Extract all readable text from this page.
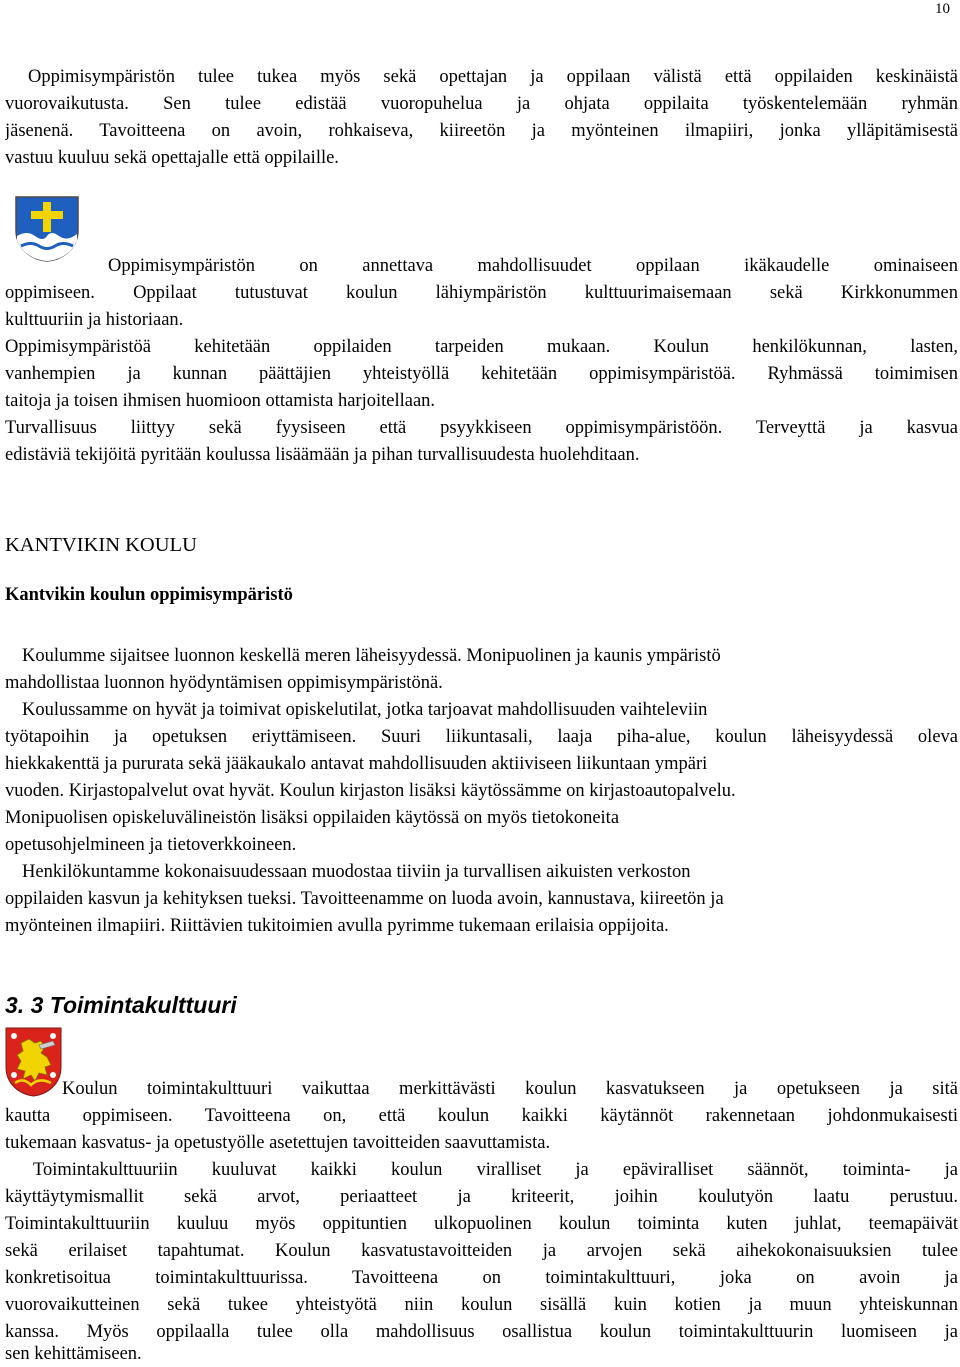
10

Oppimisympäristön tulee tukea myös sekä opettajan ja oppilaan välistä että oppilaiden keskinäistä

vuorovaikutusta. Sen tulee edistää vuoropuhelua ja ohjata oppilaita työskentelemään ryhmän

jäsenenä. Tavoitteena on avoin, rohkaiseva, kiireetön ja myönteinen ilmapiiri, jonka ylläpitämisestä

vastuu kuuluu sekä opettajalle että oppilaille.

Oppimisympäristön on annettava mahdollisuudet oppilaan ikäkaudelle ominaiseen

oppimiseen. Oppilaat tutustuvat koulun lähiympäristön kulttuurimaisemaan sekä Kirkkonummen

kulttuuriin ja historiaan.

Oppimisympäristöä kehitetään oppilaiden tarpeiden mukaan. Koulun henkilökunnan, lasten,

vanhempien ja kunnan päättäjien yhteistyöllä kehitetään oppimisympäristöä. Ryhmässä toimimisen

taitoja ja toisen ihmisen huomioon ottamista harjoitellaan.

Turvallisuus liittyy sekä fyysiseen että psyykkiseen oppimisympäristöön. Terveyttä ja kasvua

edistäviä tekijöitä pyritään koulussa lisäämään ja pihan turvallisuudesta huolehditaan.

KANTVIKIN KOULU
Kantvikin koulun oppimisympäristö

Koulumme sijaitsee luonnon keskellä meren läheisyydessä. Monipuolinen ja kaunis ympäristö

mahdollistaa luonnon hyödyntämisen oppimisympäristönä.

Koulussamme on hyvät ja toimivat opiskelutilat, jotka tarjoavat mahdollisuuden vaihteleviin

työtapoihin ja opetuksen eriyttämiseen. Suuri liikuntasali, laaja piha-alue, koulun läheisyydessä oleva

hiekkakenttä ja pururata sekä jääkaukalo antavat mahdollisuuden aktiiviseen liikuntaan ympäri

vuoden. Kirjastopalvelut ovat hyvät. Koulun kirjaston lisäksi käytössämme on kirjastoautopalvelu.

Monipuolisen opiskeluvälineistön lisäksi oppilaiden käytössä on myös tietokoneita

opetusohjelmineen ja tietoverkkoineen.

Henkilökuntamme kokonaisuudessaan muodostaa tiiviin ja turvallisen aikuisten verkoston

oppilaiden kasvun ja kehityksen tueksi. Tavoitteenamme on luoda avoin, kannustava, kiireetön ja

myönteinen ilmapiiri. Riittävien tukitoimien avulla pyrimme tukemaan erilaisia oppijoita.

3. 3 Toimintakulttuuri

Koulun toimintakulttuuri vaikuttaa merkittävästi koulun kasvatukseen ja opetukseen ja sitä

kautta oppimiseen. Tavoitteena on, että koulun kaikki käytännöt rakennetaan johdonmukaisesti

tukemaan kasvatus- ja opetustyölle asetettujen tavoitteiden saavuttamista.

Toimintakulttuuriin kuuluvat kaikki koulun viralliset ja epäviralliset säännöt, toiminta- ja

käyttäytymismallit sekä arvot, periaatteet ja kriteerit, joihin koulutyön laatu perustuu.

Toimintakulttuuriin kuuluu myös oppituntien ulkopuolinen koulun toiminta kuten juhlat, teemapäivät

sekä erilaiset tapahtumat. Koulun kasvatustavoitteiden ja arvojen sekä aihekokonaisuuksien tulee

konkretisoitua toimintakulttuurissa. Tavoitteena on toimintakulttuuri, joka on avoin ja

vuorovaikutteinen sekä tukee yhteistyötä niin koulun sisällä kuin kotien ja muun yhteiskunnan

kanssa. Myös oppilaalla tulee olla mahdollisuus osallistua koulun toimintakulttuurin luomiseen ja

sen kehittämiseen.
